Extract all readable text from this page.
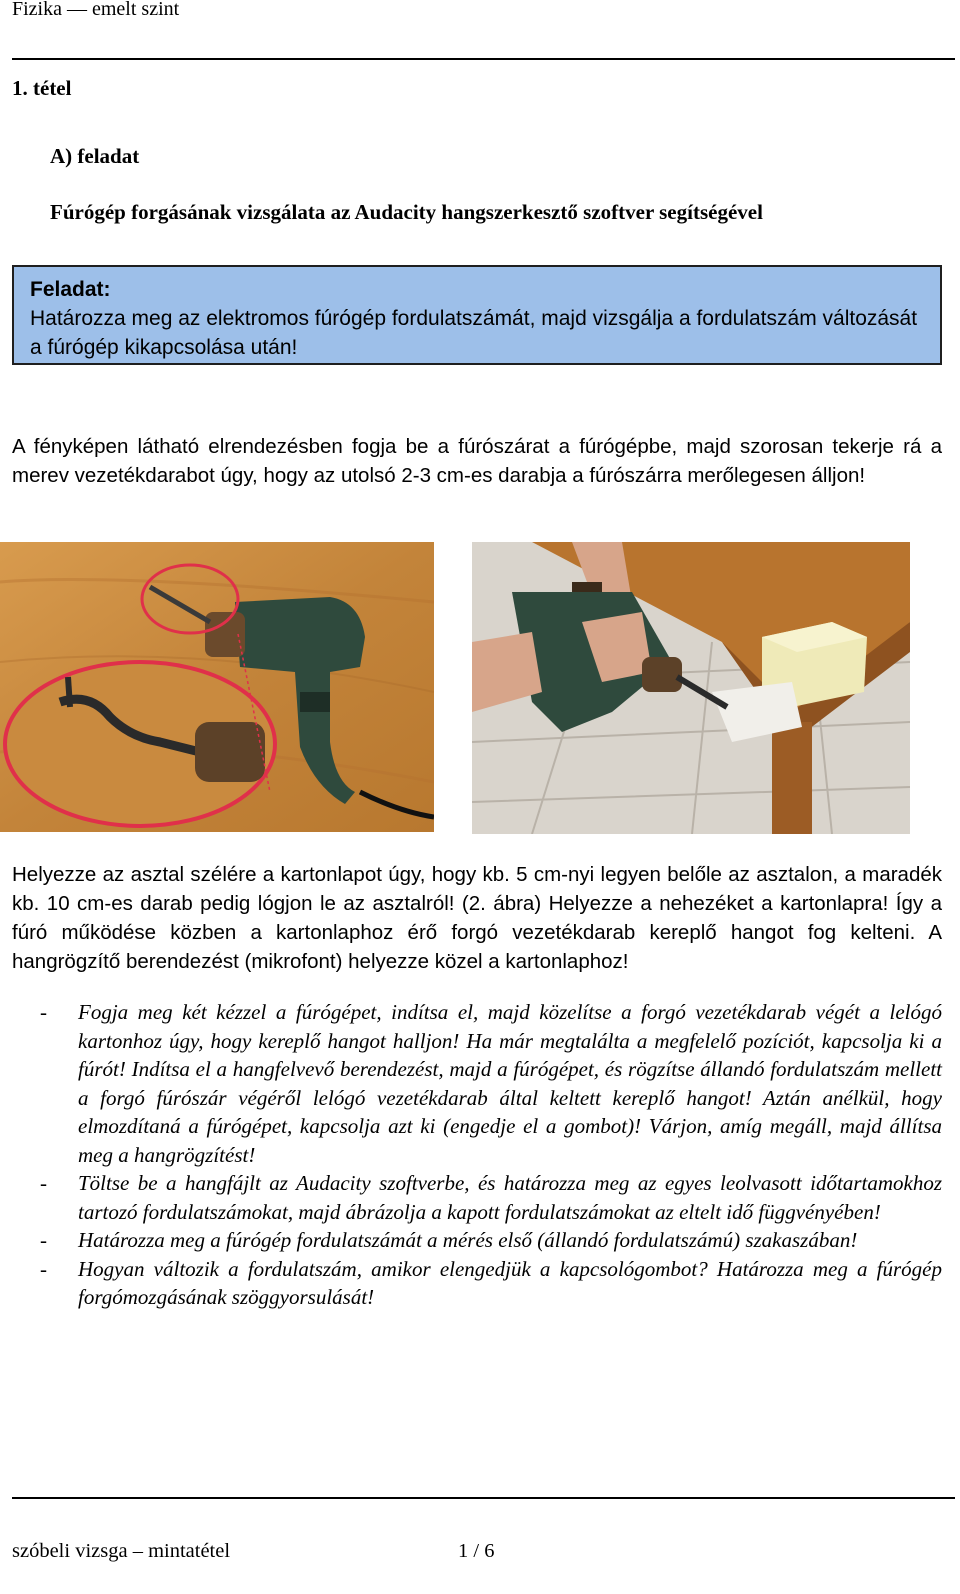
Fizika — emelt szint
1. tétel
A) feladat
Fúrógép forgásának vizsgálata az Audacity hangszerkesztő szoftver segítségével
Feladat:
Határozza meg az elektromos fúrógép fordulatszámát, majd vizsgálja a fordulatszám változását a fúrógép kikapcsolása után!
A fényképen látható elrendezésben fogja be a fúrószárat a fúrógépbe, majd szorosan tekerje rá a merev vezetékdarabot úgy, hogy az utolsó 2-3 cm-es darabja a fúrószárra merőlegesen álljon!
Helyezze az asztal szélére a kartonlapot úgy, hogy kb. 5 cm-nyi legyen belőle az asztalon, a maradék kb. 10 cm-es darab pedig lógjon le az asztalról! (2. ábra) Helyezze a nehezéket a kartonlapra! Így a fúró működése közben a kartonlaphoz érő forgó vezetékdarab kereplő hangot fog kelteni. A hangrögzítő berendezést (mikrofont) helyezze közel a kartonlaphoz!
- Fogja meg két kézzel a fúrógépet, indítsa el, majd közelítse a forgó vezetékdarab végét a lelógó kartonhoz úgy, hogy kereplő hangot halljon! Ha már megtalálta a megfelelő pozíciót, kapcsolja ki a fúrót! Indítsa el a hangfelvevő berendezést, majd a fúrógépet, és rögzítse állandó fordulatszám mellett a forgó fúrószár végéről lelógó vezetékdarab által keltett kereplő hangot! Aztán anélkül, hogy elmozdítaná a fúrógépet, kapcsolja azt ki (engedje el a gombot)! Várjon, amíg megáll, majd állítsa meg a hangrögzítést!
- Töltse be a hangfájlt az Audacity szoftverbe, és határozza meg az egyes leolvasott időtartamokhoz tartozó fordulatszámokat, majd ábrázolja a kapott fordulatszámokat az eltelt idő függvényében!
- Határozza meg a fúrógép fordulatszámát a mérés első (állandó fordulatszámú) szakaszában!
- Hogyan változik a fordulatszám, amikor elengedjük a kapcsológombot? Határozza meg a fúrógép forgómozgásának szöggyorsulását!
szóbeli vizsga – mintatétel	1 / 6
